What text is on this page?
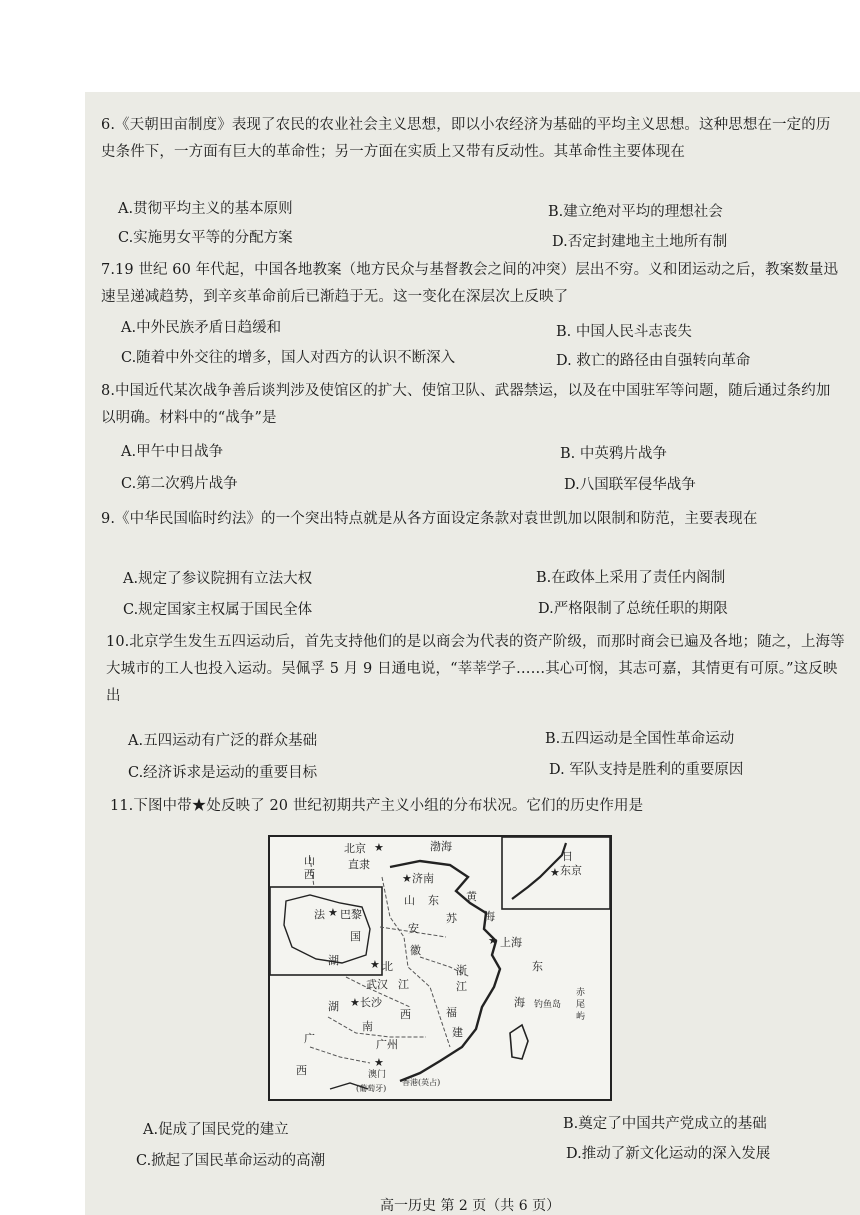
6.《天朝田亩制度》表现了农民的农业社会主义思想，即以小农经济为基础的平均主义思想。这种思想在一定的历史条件下，一方面有巨大的革命性；另一方面在实质上又带有反动性。其革命性主要体现在
A.贯彻平均主义的基本原则	B.建立绝对平均的理想社会
C.实施男女平等的分配方案	D.否定封建地主土地所有制
7.19 世纪 60 年代起，中国各地教案（地方民众与基督教会之间的冲突）层出不穷。义和团运动之后，教案数量迅速呈递减趋势，到辛亥革命前后已渐趋于无。这一变化在深层次上反映了
A.中外民族矛盾日趋缓和	B. 中国人民斗志丧失
C.随着中外交往的增多，国人对西方的认识不断深入	D. 救亡的路径由自强转向革命
8.中国近代某次战争善后谈判涉及使馆区的扩大、使馆卫队、武器禁运，以及在中国驻军等问题，随后通过条约加以明确。材料中的“战争”是
A.甲午中日战争	B. 中英鸦片战争
C.第二次鸦片战争	D.八国联军侵华战争
9.《中华民国临时约法》的一个突出特点就是从各方面设定条款对袁世凯加以限制和防范，主要表现在
A.规定了参议院拥有立法大权	B.在政体上采用了责任内阁制
C.规定国家主权属于国民全体	D.严格限制了总统任职的期限
10.北京学生发生五四运动后，首先支持他们的是以商会为代表的资产阶级，而那时商会已遍及各地；随之，上海等大城市的工人也投入运动。吴佩孚 5 月 9 日通电说，“莘莘学子……其心可悯，其志可嘉，其情更有可原。”这反映出
A.五四运动有广泛的群众基础	B.五四运动是全国性革命运动
C.经济诉求是运动的重要目标	D. 军队支持是胜利的重要原因
11.下图中带★处反映了 20 世纪初期共产主义小组的分布状况。它们的历史作用是
山
西
北京 ★
直隶
渤海
日
★ 东京
★ 济南
山 东 黄
海
苏
安
徽
法 ★ 巴黎
国	★ 上海
湖	★ 北
武汉
浙
江
东
海 钓鱼岛
赤尾屿
湖 ★ 长沙
南
江
西	福
建
广	广州
★
西	澳门
(葡萄牙)
香港(英占)
A.促成了国民党的建立	B.奠定了中国共产党成立的基础
C.掀起了国民革命运动的高潮	D.推动了新文化运动的深入发展
高一历史 第 2 页（共 6 页）
